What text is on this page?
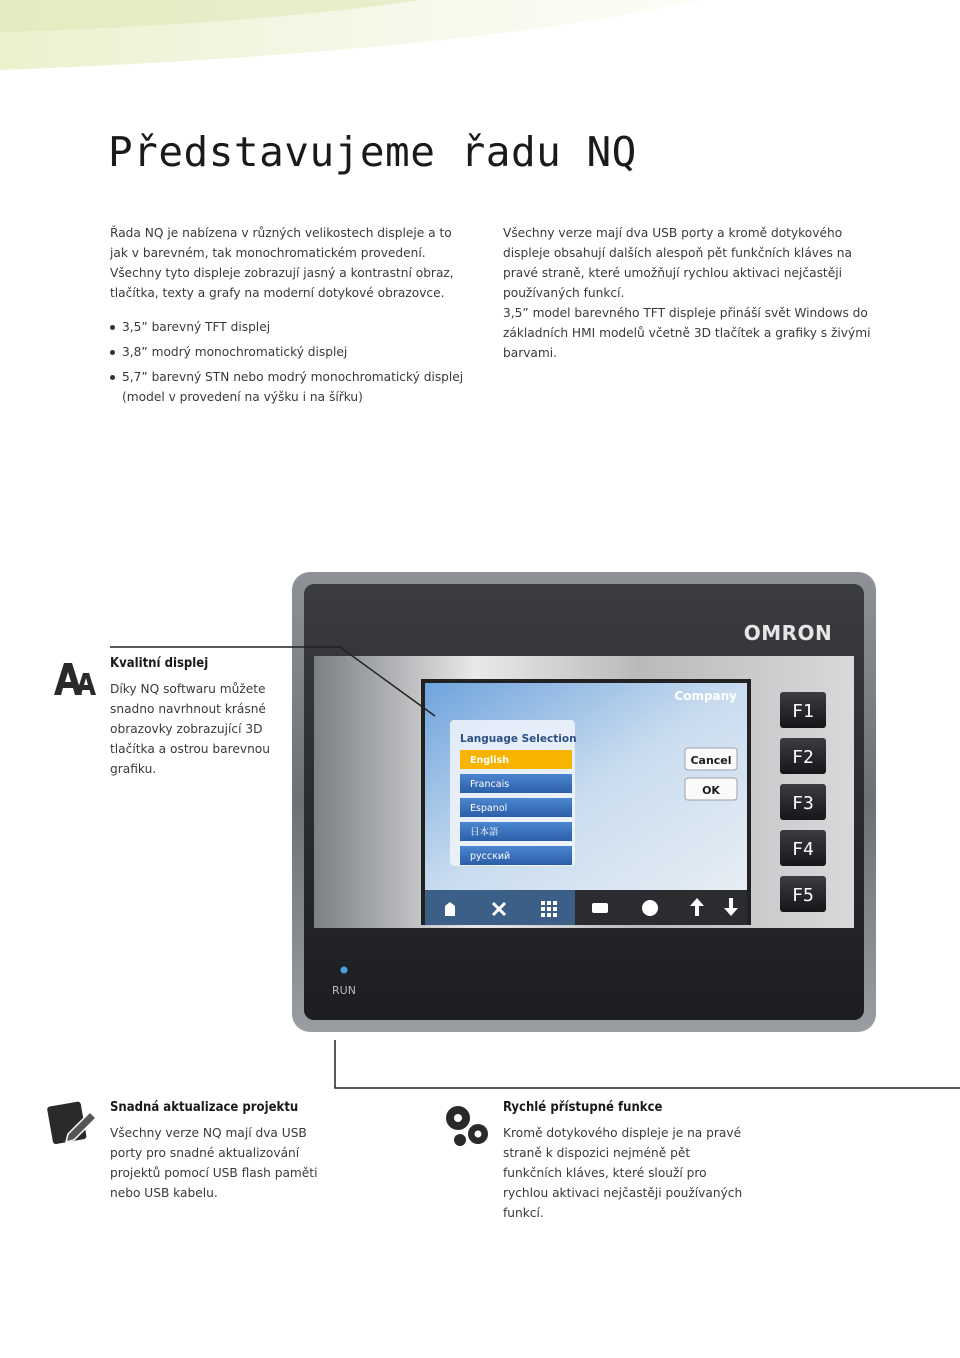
Představujeme řadu NQ

Řada NQ je nabízena v různých velikostech displeje a to jak v barevném, tak monochromatickém provedení. Všechny tyto displeje zobrazují jasný a kontrastní obraz, tlačítka, texty a grafy na moderní dotykové obrazovce.

3,5” barevný TFT displej
3,8” modrý monochromatický displej
5,7” barevný STN nebo modrý monochromatický displej (model v provedení na výšku i na šířku)

Všechny verze mají dva USB porty a kromě dotykového displeje obsahují dalších alespoň pět funkčních kláves na pravé straně, které umožňují rychlou aktivaci nejčastěji používaných funkcí.

3,5” model barevného TFT displeje přináší svět Windows do základních HMI modelů včetně 3D tlačítek a grafiky s živými barvami.

OMRON
Company
Language Selection
English
Francais
Espanol
日本語
русский
Cancel
OK
F1
F2
F3
F4
F5
RUN
Kvalitní displej
Díky NQ softwaru můžete snadno navrhnout krásné obrazovky zobrazující 3D tlačítka a ostrou barevnou grafiku.
Snadná aktualizace projektu
Všechny verze NQ mají dva USB porty pro snadné aktualizování projektů pomocí USB flash paměti nebo USB kabelu.
Rychlé přístupné funkce
Kromě dotykového displeje je na pravé straně k dispozici nejméně pět funkčních kláves, které slouží pro rychlou aktivaci nejčastěji používaných funkcí.
